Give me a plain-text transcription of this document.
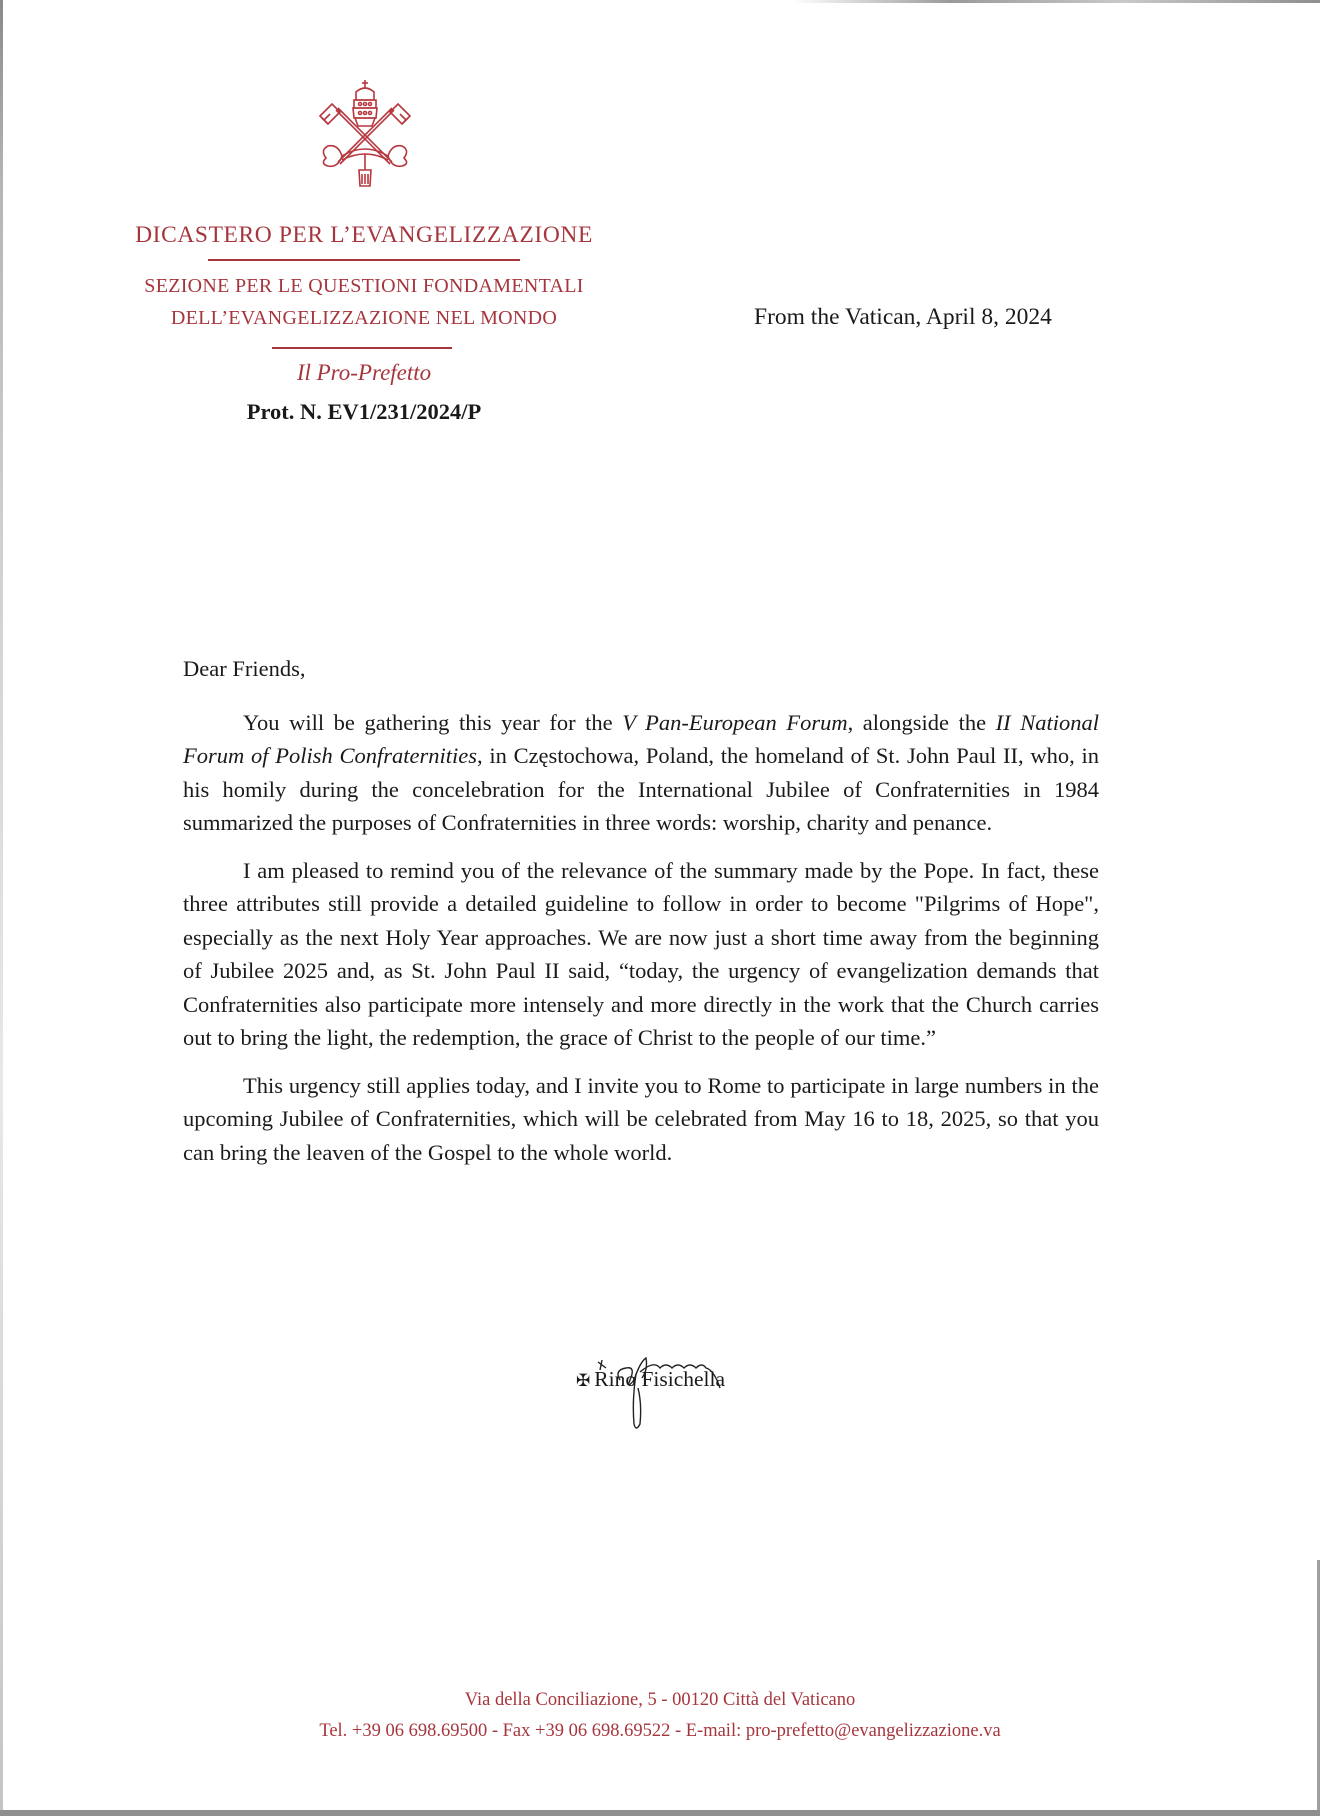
DICASTERO PER L’EVANGELIZZAZIONE
SEZIONE PER LE QUESTIONI FONDAMENTALI
DELL’EVANGELIZZAZIONE NEL MONDO
Il Pro-Prefetto
Prot. N. EV1/231/2024/P
From the Vatican, April 8, 2024

Dear Friends,

You will be gathering this year for the V Pan-European Forum, alongside the II National Forum of Polish Confraternities, in Częstochowa, Poland, the homeland of St. John Paul II, who, in his homily during the concelebration for the International Jubilee of Confraternities in 1984 summarized the purposes of Confraternities in three words: worship, charity and penance.

I am pleased to remind you of the relevance of the summary made by the Pope. In fact, these three attributes still provide a detailed guideline to follow in order to become "Pilgrims of Hope", especially as the next Holy Year approaches. We are now just a short time away from the beginning of Jubilee 2025 and, as St. John Paul II said, “today, the urgency of evangelization demands that Confraternities also participate more intensely and more directly in the work that the Church carries out to bring the light, the redemption, the grace of Christ to the people of our time.”

This urgency still applies today, and I invite you to Rome to participate in large numbers in the upcoming Jubilee of Confraternities, which will be celebrated from May 16 to 18, 2025, so that you can bring the leaven of the Gospel to the whole world.

✠ Rino Fisichella
Via della Conciliazione, 5 - 00120 Città del Vaticano
Tel. +39 06 698.69500 - Fax +39 06 698.69522 - E-mail: pro-prefetto@evangelizzazione.va
